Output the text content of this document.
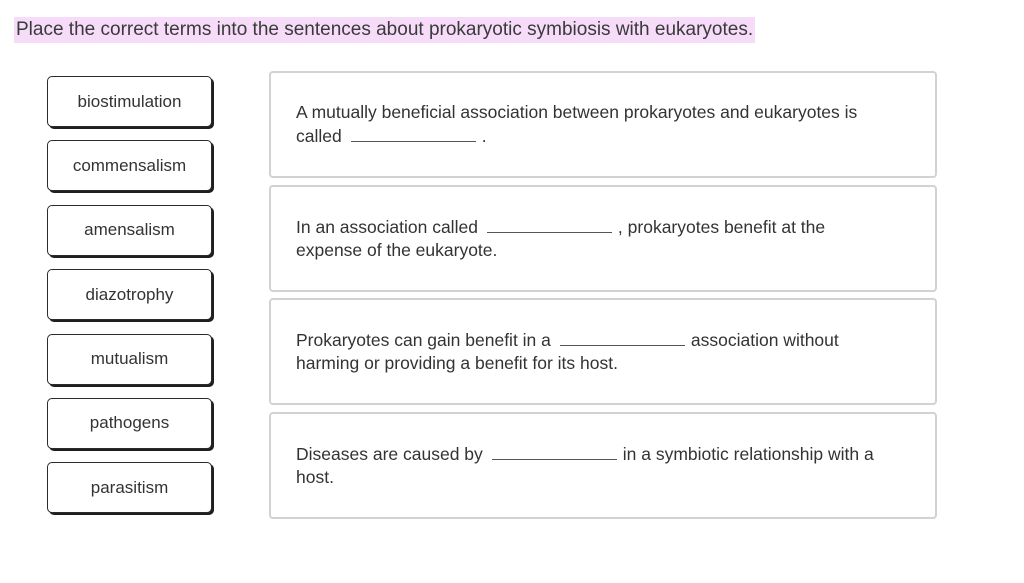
Place the correct terms into the sentences about prokaryotic symbiosis with eukaryotes.
biostimulation
commensalism
amensalism
diazotrophy
mutualism
pathogens
parasitism
A mutually beneficial association between prokaryotes and eukaryotes is called	.
In an association called	, prokaryotes benefit at the expense of the eukaryote.
Prokaryotes can gain benefit in a	association without harming or providing a benefit for its host.
Diseases are caused by	in a symbiotic relationship with a host.
